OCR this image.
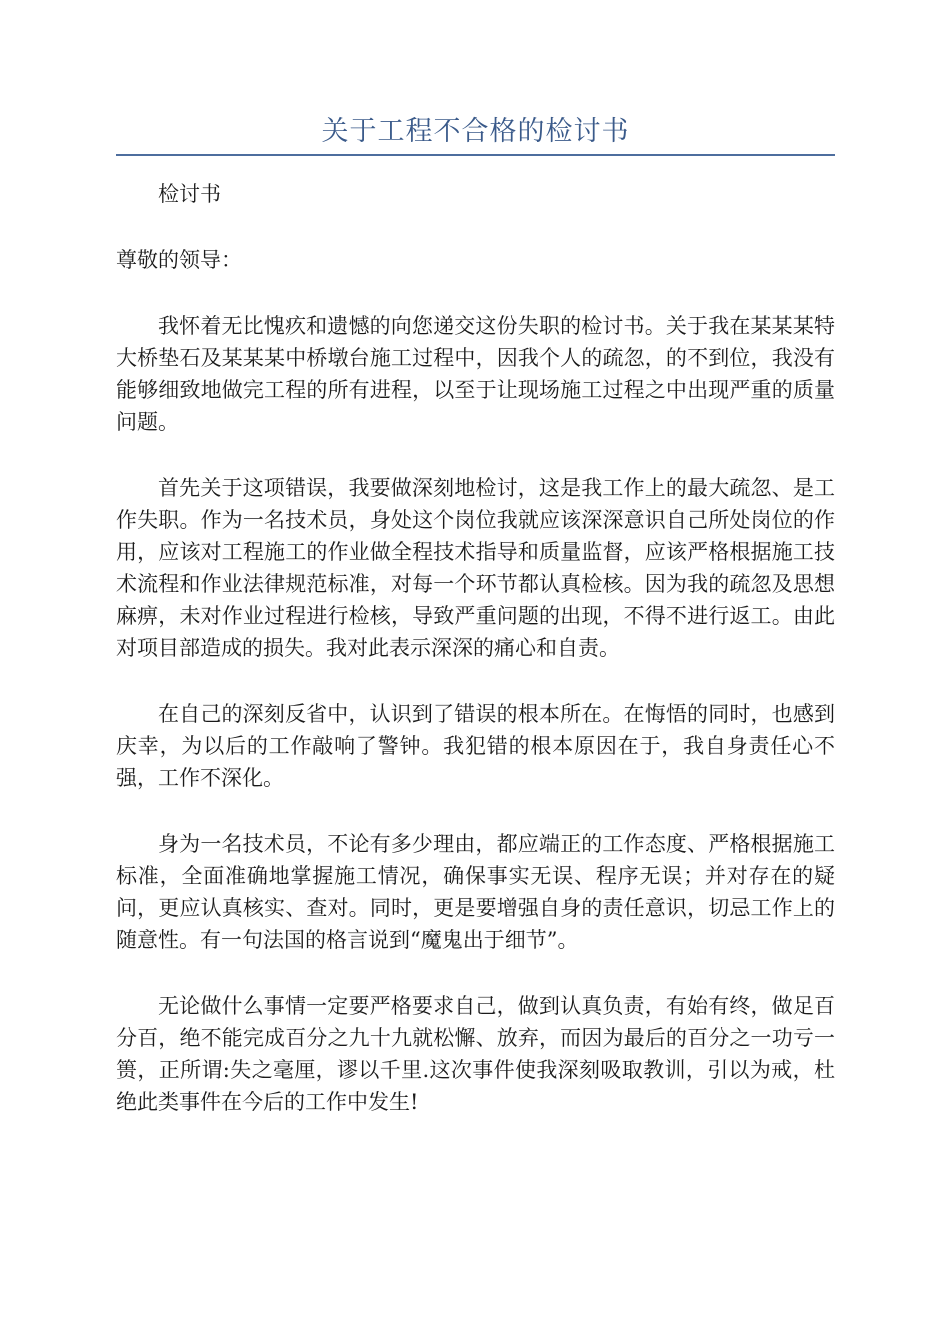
关于工程不合格的检讨书

检讨书

尊敬的领导：

我怀着无比愧疚和遗憾的向您递交这份失职的检讨书。关于我在某某某特大桥垫石及某某某中桥墩台施工过程中，因我个人的疏忽，的不到位，我没有能够细致地做完工程的所有进程，以至于让现场施工过程之中出现严重的质量问题。

首先关于这项错误，我要做深刻地检讨，这是我工作上的最大疏忽、是工作失职。作为一名技术员，身处这个岗位我就应该深深意识自己所处岗位的作用，应该对工程施工的作业做全程技术指导和质量监督，应该严格根据施工技术流程和作业法律规范标准，对每一个环节都认真检核。因为我的疏忽及思想麻痹，未对作业过程进行检核，导致严重问题的出现，不得不进行返工。由此对项目部造成的损失。我对此表示深深的痛心和自责。

在自己的深刻反省中，认识到了错误的根本所在。在悔悟的同时，也感到庆幸，为以后的工作敲响了警钟。我犯错的根本原因在于，我自身责任心不强，工作不深化。

身为一名技术员，不论有多少理由，都应端正的工作态度、严格根据施工标准，全面准确地掌握施工情况，确保事实无误、程序无误；并对存在的疑问，更应认真核实、查对。同时，更是要增强自身的责任意识，切忌工作上的随意性。有一句法国的格言说到“魔鬼出于细节”。

无论做什么事情一定要严格要求自己，做到认真负责，有始有终，做足百分百，绝不能完成百分之九十九就松懈、放弃，而因为最后的百分之一功亏一篑，正所谓:失之毫厘，谬以千里.这次事件使我深刻吸取教训，引以为戒，杜绝此类事件在今后的工作中发生!
